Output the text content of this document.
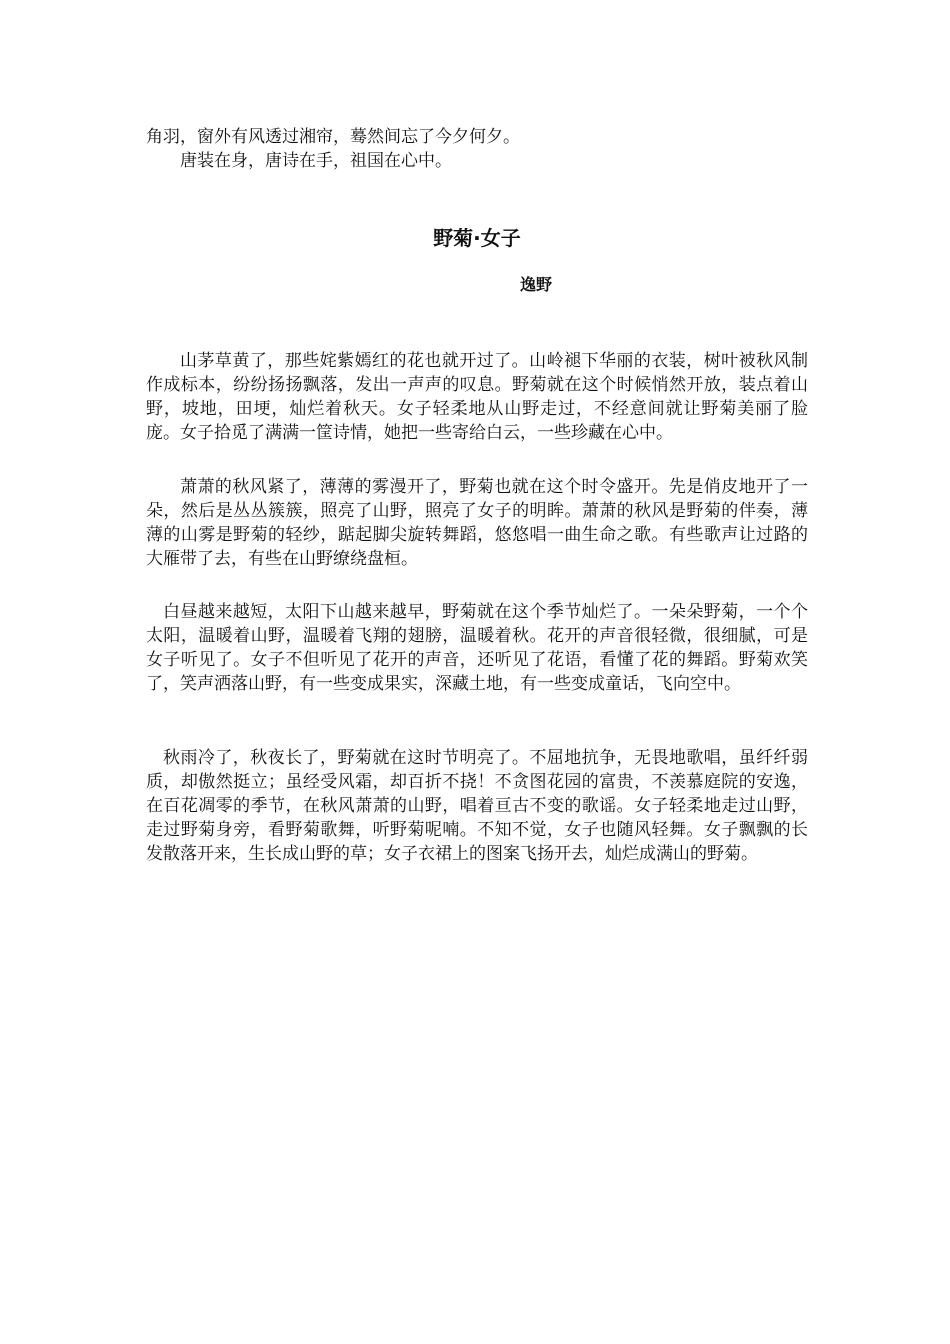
角羽，窗外有风透过湘帘，蓦然间忘了今夕何夕。

唐装在身，唐诗在手，祖国在心中。

野菊·女子

逸野

山茅草黄了，那些姹紫嫣红的花也就开过了。山岭褪下华丽的衣装，树叶被秋风制作成标本，纷纷扬扬飘落，发出一声声的叹息。野菊就在这个时候悄然开放，装点着山野，坡地，田埂，灿烂着秋天。女子轻柔地从山野走过，不经意间就让野菊美丽了脸庞。女子拾觅了满满一筐诗情，她把一些寄给白云，一些珍藏在心中。

萧萧的秋风紧了，薄薄的雾漫开了，野菊也就在这个时令盛开。先是俏皮地开了一朵，然后是丛丛簇簇，照亮了山野，照亮了女子的明眸。萧萧的秋风是野菊的伴奏，薄薄的山雾是野菊的轻纱，踮起脚尖旋转舞蹈，悠悠唱一曲生命之歌。有些歌声让过路的大雁带了去，有些在山野缭绕盘桓。

白昼越来越短，太阳下山越来越早，野菊就在这个季节灿烂了。一朵朵野菊，一个个太阳，温暖着山野，温暖着飞翔的翅膀，温暖着秋。花开的声音很轻微，很细腻，可是女子听见了。女子不但听见了花开的声音，还听见了花语，看懂了花的舞蹈。野菊欢笑了，笑声洒落山野，有一些变成果实，深藏土地，有一些变成童话，飞向空中。

秋雨冷了，秋夜长了，野菊就在这时节明亮了。不屈地抗争，无畏地歌唱，虽纤纤弱质，却傲然挺立；虽经受风霜，却百折不挠！不贪图花园的富贵，不羡慕庭院的安逸，在百花凋零的季节，在秋风萧萧的山野，唱着亘古不变的歌谣。女子轻柔地走过山野，走过野菊身旁，看野菊歌舞，听野菊呢喃。不知不觉，女子也随风轻舞。女子飘飘的长发散落开来，生长成山野的草；女子衣裙上的图案飞扬开去，灿烂成满山的野菊。
